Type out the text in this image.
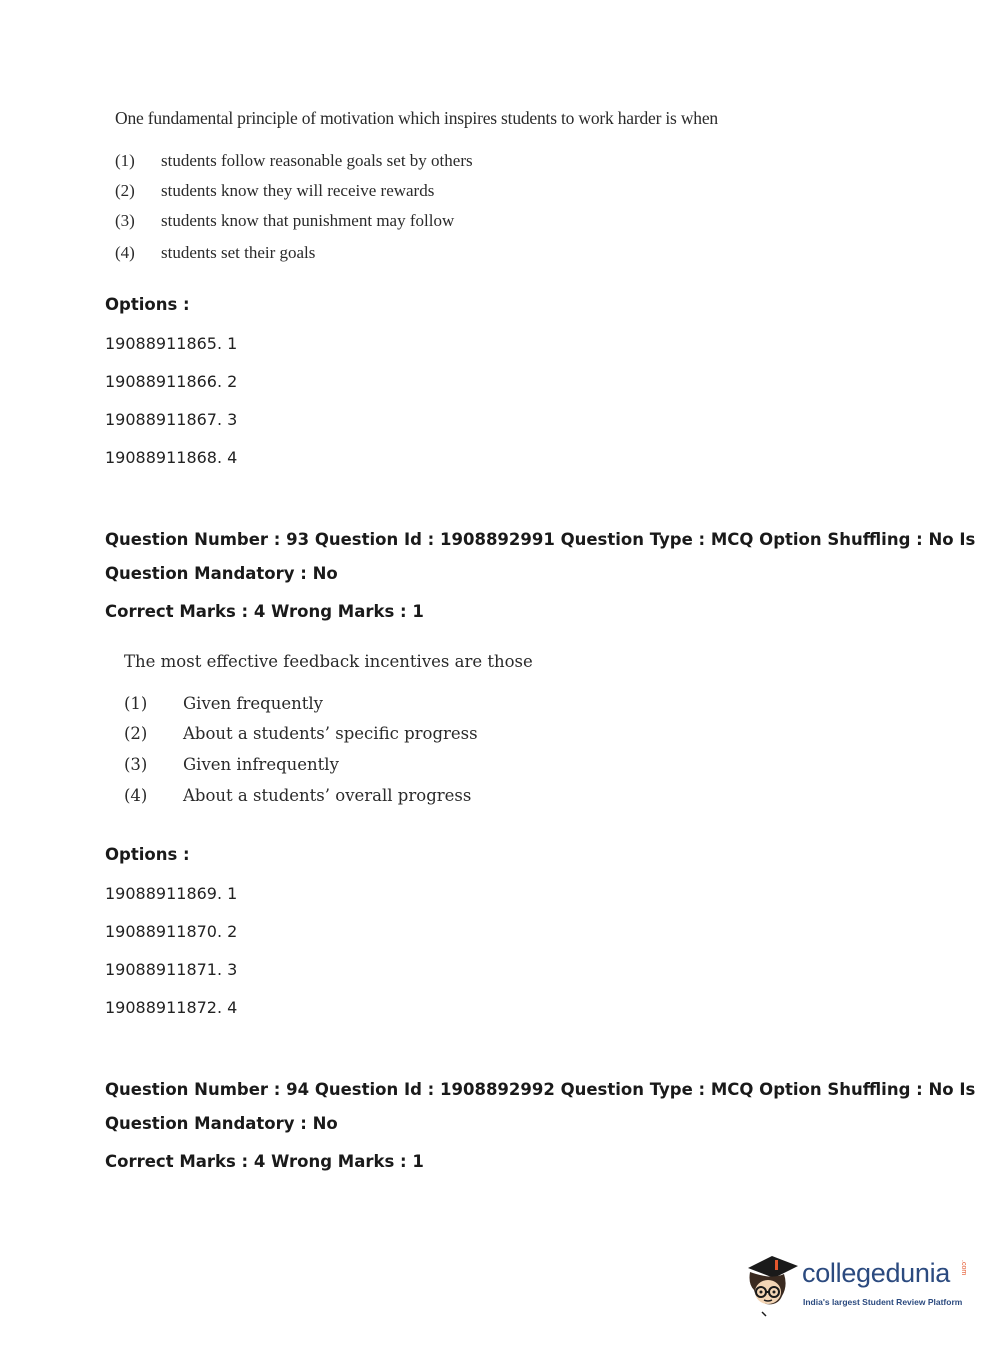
One fundamental principle of motivation which inspires students to work harder is when
(1) students follow reasonable goals set by others
(2) students know they will receive rewards
(3) students know that punishment may follow
(4) students set their goals
Options :
19088911865. 1
19088911866. 2
19088911867. 3
19088911868. 4
Question Number : 93 Question Id : 1908892991 Question Type : MCQ Option Shuffling : No Is
Question Mandatory : No
Correct Marks : 4 Wrong Marks : 1
The most effective feedback incentives are those
(1) Given frequently
(2) About a students’ specific progress
(3) Given infrequently
(4) About a students’ overall progress
Options :
19088911869. 1
19088911870. 2
19088911871. 3
19088911872. 4
Question Number : 94 Question Id : 1908892992 Question Type : MCQ Option Shuffling : No Is
Question Mandatory : No
Correct Marks : 4 Wrong Marks : 1
collegedunia .com
India's largest Student Review Platform
